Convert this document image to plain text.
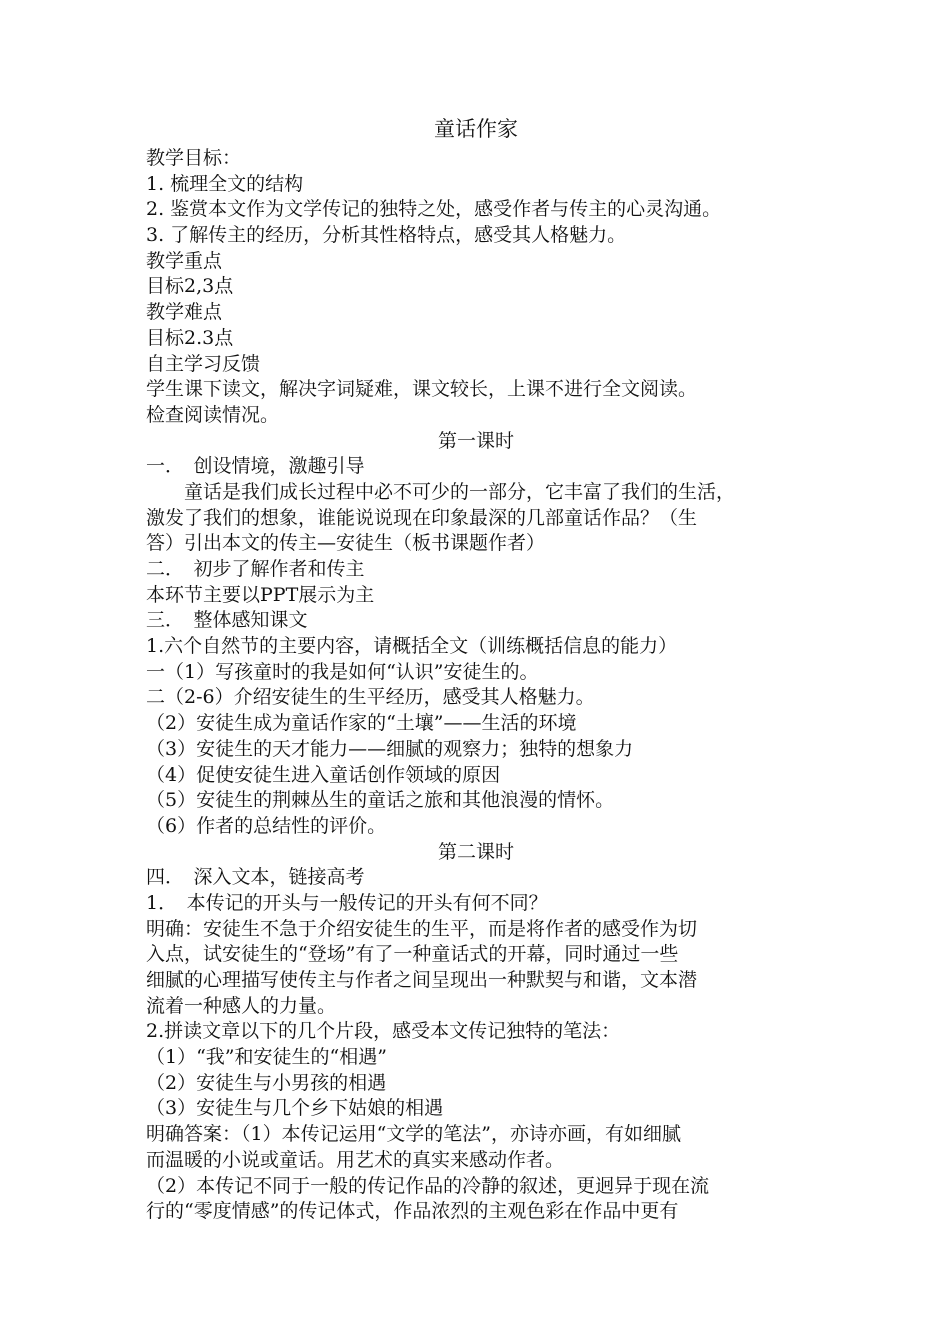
童话作家
教学目标：
1. 梳理全文的结构
2. 鉴赏本文作为文学传记的独特之处，感受作者与传主的心灵沟通。
3. 了解传主的经历，分析其性格特点，感受其人格魅力。
教学重点
目标2,3点
教学难点
目标2.3点
自主学习反馈
学生课下读文，解决字词疑难，课文较长，上课不进行全文阅读。
检查阅读情况。
第一课时
一．　创设情境，激趣引导
童话是我们成长过程中必不可少的一部分，它丰富了我们的生活，
激发了我们的想象，谁能说说现在印象最深的几部童话作品？（生
答）引出本文的传主—安徒生（板书课题作者）
二．　初步了解作者和传主
本环节主要以PPT展示为主
三．　整体感知课文
1.六个自然节的主要内容，请概括全文（训练概括信息的能力）
一（1）写孩童时的我是如何“认识”安徒生的。
二（2-6）介绍安徒生的生平经历，感受其人格魅力。
（2）安徒生成为童话作家的“土壤”——生活的环境
（3）安徒生的天才能力——细腻的观察力；独特的想象力
（4）促使安徒生进入童话创作领域的原因
（5）安徒生的荆棘丛生的童话之旅和其他浪漫的情怀。
（6）作者的总结性的评价。
第二课时
四．　深入文本，链接高考
1．　本传记的开头与一般传记的开头有何不同？
明确：安徒生不急于介绍安徒生的生平，而是将作者的感受作为切
入点，试安徒生的“登场”有了一种童话式的开幕，同时通过一些
细腻的心理描写使传主与作者之间呈现出一种默契与和谐，文本潜
流着一种感人的力量。
2.拼读文章以下的几个片段，感受本文传记独特的笔法：
（1）“我”和安徒生的“相遇”
（2）安徒生与小男孩的相遇
（3）安徒生与几个乡下姑娘的相遇
明确答案：（1）本传记运用“文学的笔法”，亦诗亦画，有如细腻
而温暖的小说或童话。用艺术的真实来感动作者。
（2）本传记不同于一般的传记作品的冷静的叙述，更迥异于现在流
行的“零度情感”的传记体式，作品浓烈的主观色彩在作品中更有
